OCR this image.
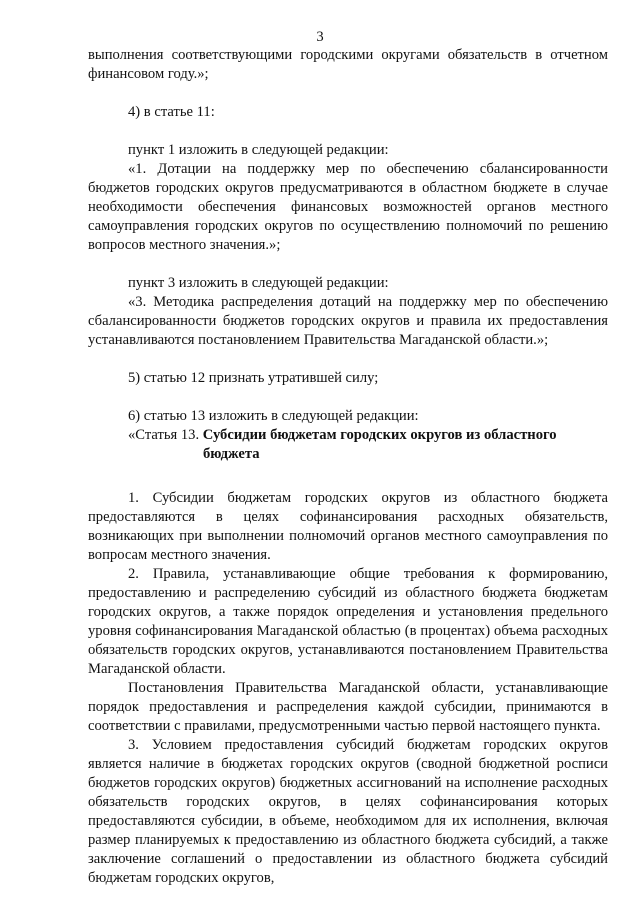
3

выполнения соответствующими городскими округами обязательств в отчетном финансовом году.»;

4) в статье 11:

пункт 1 изложить в следующей редакции:

«1. Дотации на поддержку мер по обеспечению сбалансированности бюджетов городских округов предусматриваются в областном бюджете в случае необходимости обеспечения финансовых возможностей органов местного самоуправления городских округов по осуществлению полномочий по решению вопросов местного значения.»;

пункт 3 изложить в следующей редакции:

«3. Методика распределения дотаций на поддержку мер по обеспечению сбалансированности бюджетов городских округов и правила их предоставления устанавливаются постановлением Правительства Магаданской области.»;

5) статью 12 признать утратившей силу;

6) статью 13 изложить в следующей редакции:

«Статья 13. Субсидии бюджетам городских округов из областного

бюджета

1. Субсидии бюджетам городских округов из областного бюджета предоставляются в целях софинансирования расходных обязательств, возникающих при выполнении полномочий органов местного самоуправления по вопросам местного значения.

2. Правила, устанавливающие общие требования к формированию, предоставлению и распределению субсидий из областного бюджета бюджетам городских округов, а также порядок определения и установления предельного уровня софинансирования Магаданской областью (в процентах) объема расходных обязательств городских округов, устанавливаются постановлением Правительства Магаданской области.

Постановления Правительства Магаданской области, устанавливающие порядок предоставления и распределения каждой субсидии, принимаются в соответствии с правилами, предусмотренными частью первой настоящего пункта.

3. Условием предоставления субсидий бюджетам городских округов является наличие в бюджетах городских округов (сводной бюджетной росписи бюджетов городских округов) бюджетных ассигнований на исполнение расходных обязательств городских округов, в целях софинансирования которых предоставляются субсидии, в объеме, необходимом для их исполнения, включая размер планируемых к предоставлению из областного бюджета субсидий, а также заключение соглашений о предоставлении из областного бюджета субсидий бюджетам городских округов,
